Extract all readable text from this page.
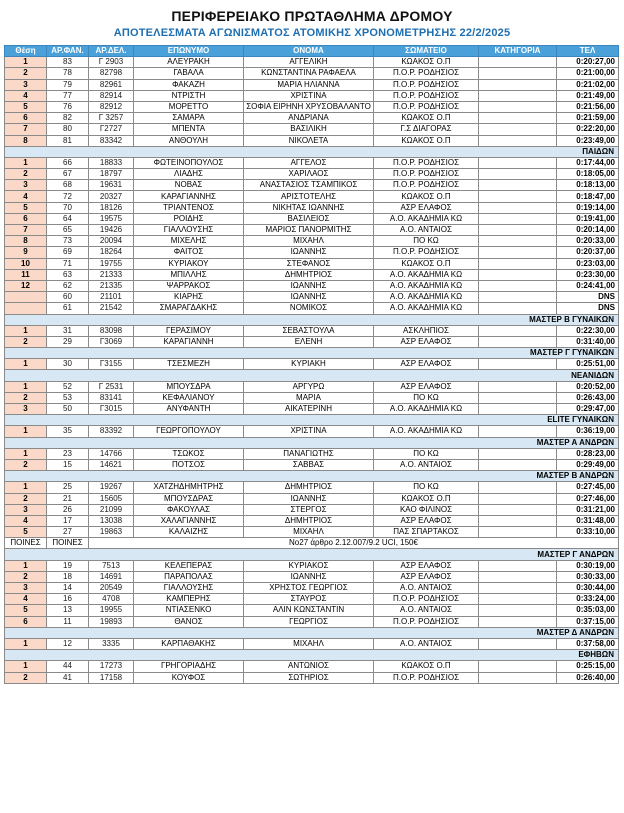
ΠΕΡΙΦΕΡΕΙΑΚΟ ΠΡΩΤΑΘΛΗΜΑ ΔΡΟΜΟΥ
ΑΠΟΤΕΛΕΣΜΑΤΑ ΑΓΩΝΙΣΜΑΤΟΣ ΑΤΟΜΙΚΗΣ ΧΡΟΝΟΜΕΤΡΗΣΗΣ 22/2/2025
Θέση	ΑΡ.ΦΑΝ.	ΑΡ.ΔΕΛ.	ΕΠΩΝΥΜΟ	ΟΝΟΜΑ	ΣΩΜΑΤΕΙΟ	ΚΑΤΗΓΟΡΙΑ	ΤΕΛ
1	83	Γ 2903	ΑΛΕΥΡΑΚΗ	ΑΓΓΕΛΙΚΗ	ΚΩΑΚΟΣ Ο.Π		0:20:27,00
2	78	82798	ΓΑΒΑΛΑ	ΚΩΝΣΤΑΝΤΙΝΑ ΡΑΦΑΕΛΑ	Π.Ο.Ρ. ΡΟΔΗΣΙΟΣ		0:21:00,00
3	79	82961	ΦΑΚΑΖΗ	ΜΑΡΙΑ ΗΛΙΑΝΝΑ	Π.Ο.Ρ. ΡΟΔΗΣΙΟΣ		0:21:02,00
4	77	82914	ΝΤΡΙΣΤΗ	ΧΡΙΣΤΙΝΑ	Π.Ο.Ρ. ΡΟΔΗΣΙΟΣ		0:21:49,00
5	76	82912	ΜΟΡΕΤΤΟ	ΣΟΦΙΑ ΕΙΡΗΝΗ ΧΡΥΣΟΒΑΛΑΝΤΟ	Π.Ο.Ρ. ΡΟΔΗΣΙΟΣ		0:21:56,00
6	82	Γ 3257	ΣΑΜΑΡΑ	ΑΝΔΡΙΑΝΑ	ΚΩΑΚΟΣ Ο.Π		0:21:59,00
7	80	Γ2727	ΜΠΕΝΤΑ	ΒΑΣΙΛΙΚΗ	Γ.Σ ΔΙΑΓΟΡΑΣ		0:22:20,00
8	81	83342	ΑΝΘΟΥΛΗ	ΝΙΚΟΛΕΤΑ	ΚΩΑΚΟΣ Ο.Π		0:23:49,00
ΠΑΙΔΩΝ							
1	66	18833	ΦΩΤΕΙΝΟΠΟΥΛΟΣ	ΑΓΓΕΛΟΣ	Π.Ο.Ρ. ΡΟΔΗΣΙΟΣ		0:17:44,00
2	67	18797	ΛΙΑΔΗΣ	ΧΑΡΙΛΑΟΣ	Π.Ο.Ρ. ΡΟΔΗΣΙΟΣ		0:18:05,00
3	68	19631	ΝΟΒΑΣ	ΑΝΑΣΤΑΣΙΟΣ ΤΣΑΜΠΙΚΟΣ	Π.Ο.Ρ. ΡΟΔΗΣΙΟΣ		0:18:13,00
4	72	20327	ΚΑΡΑΓΙΑΝΝΗΣ	ΑΡΙΣΤΟΤΕΛΗΣ	ΚΩΑΚΟΣ Ο.Π		0:18:47,00
5	70	18126	ΤΡΙΑΝΤΕΝΟΣ	ΝΙΚΗΤΑΣ ΙΩΑΝΝΗΣ	ΑΣΡ ΕΛΑΦΟΣ		0:19:14,00
6	64	19575	ΡΟΙΔΗΣ	ΒΑΣΙΛΕΙΟΣ	Α.Ο. ΑΚΑΔΗΜΙΑ ΚΩ		0:19:41,00
7	65	19426	ΓΙΑΛΛΟΥΣΗΣ	ΜΑΡΙΟΣ ΠΑΝΟΡΜΙΤΗΣ	Α.Ο. ΑΝΤΑΙΟΣ		0:20:14,00
8	73	20094	ΜΙΧΕΛΗΣ	ΜΙΧΑΗΛ	ΠΟ ΚΩ		0:20:33,00
9	69	18264	ΦΑΙΤΟΣ	ΙΩΑΝΝΗΣ	Π.Ο.Ρ. ΡΟΔΗΣΙΟΣ		0:20:37,00
10	71	19755	ΚΥΡΙΑΚΟΥ	ΣΤΕΦΑΝΟΣ	ΚΩΑΚΟΣ Ο.Π		0:23:03,00
11	63	21333	ΜΠΙΛΛΗΣ	ΔΗΜΗΤΡΙΟΣ	Α.Ο. ΑΚΑΔΗΜΙΑ ΚΩ		0:23:30,00
12	62	21335	ΨΑΡΡΑΚΟΣ	ΙΩΑΝΝΗΣ	Α.Ο. ΑΚΑΔΗΜΙΑ ΚΩ		0:24:41,00
	60	21101	ΚΙΑΡΗΣ	ΙΩΑΝΝΗΣ	Α.Ο. ΑΚΑΔΗΜΙΑ ΚΩ		DNS
	61	21542	ΣΜΑΡΑΓΔΑΚΗΣ	ΝΟΜΙΚΟΣ	Α.Ο. ΑΚΑΔΗΜΙΑ ΚΩ		DNS
ΜΑΣΤΕΡ Β ΓΥΝΑΙΚΩΝ							
1	31	83098	ΓΕΡΑΣΙΜΟΥ	ΣΕΒΑΣΤΟΥΛΑ	ΑΣΚΛΗΠΙΟΣ		0:22:30,00
2	29	Γ3069	ΚΑΡΑΓΙΑΝΝΗ	ΕΛΕΝΗ	ΑΣΡ ΕΛΑΦΟΣ		0:31:40,00
ΜΑΣΤΕΡ Γ ΓΥΝΑΙΚΩΝ							
1	30	Γ3155	ΤΣΕΣΜΕΖΗ	ΚΥΡΙΑΚΗ	ΑΣΡ ΕΛΑΦΟΣ		0:25:51,00
ΝΕΑΝΙΔΩΝ							
1	52	Γ 2531	ΜΠΟΥΣΔΡΑ	ΑΡΓΥΡΩ	ΑΣΡ ΕΛΑΦΟΣ		0:20:52,00
2	53	83141	ΚΕΦΑΛΙΑΝΟΥ	ΜΑΡΙΑ	ΠΟ ΚΩ		0:26:43,00
3	50	Γ3015	ΑΝΥΦΑΝΤΗ	ΑΙΚΑΤΕΡΙΝΗ	Α.Ο. ΑΚΑΔΗΜΙΑ ΚΩ		0:29:47,00
ELITE ΓΥΝΑΙΚΩΝ							
1	35	83392	ΓΕΩΡΓΟΠΟΥΛΟΥ	ΧΡΙΣΤΙΝΑ	Α.Ο. ΑΚΑΔΗΜΙΑ ΚΩ		0:36:19,00
ΜΑΣΤΕΡ Α ΑΝΔΡΩΝ							
1	23	14766	ΤΣΩΚΟΣ	ΠΑΝΑΓΙΩΤΗΣ	ΠΟ ΚΩ		0:28:23,00
2	15	14621	ΠΟΤΣΟΣ	ΣΑΒΒΑΣ	Α.Ο. ΑΝΤΑΙΟΣ		0:29:49,00
ΜΑΣΤΕΡ Β ΑΝΔΡΩΝ							
1	25	19267	ΧΑΤΖΗΔΗΜΗΤΡΗΣ	ΔΗΜΗΤΡΙΟΣ	ΠΟ ΚΩ		0:27:45,00
2	21	15605	ΜΠΟΥΣΔΡΑΣ	ΙΩΑΝΝΗΣ	ΚΩΑΚΟΣ Ο.Π		0:27:46,00
3	26	21099	ΦΑΚΟΥΛΑΣ	ΣΤΕΡΓΟΣ	ΚΑΟ ΦΙΛΙΝΟΣ		0:31:21,00
4	17	13038	ΧΑΛΑΓΙΑΝΝΗΣ	ΔΗΜΗΤΡΙΟΣ	ΑΣΡ ΕΛΑΦΟΣ		0:31:48,00
5	27	19863	ΚΑΛΑΙΖΗΣ	ΜΙΧΑΗΛ	ΠΑΣ ΣΠΑΡΤΑΚΟΣ		0:33:10,00
ΠΟΙΝΕΣ	ΠΟΙΝΕΣ	Νο27 άρθρο 2.12.007/9.2 UCI, 150€					
ΜΑΣΤΕΡ Γ ΑΝΔΡΩΝ							
1	19	7513	ΚΕΛΕΠΕΡΑΣ	ΚΥΡΙΑΚΟΣ	ΑΣΡ ΕΛΑΦΟΣ		0:30:19,00
2	18	14691	ΠΑΡΑΠΟΛΑΣ	ΙΩΑΝΝΗΣ	ΑΣΡ ΕΛΑΦΟΣ		0:30:33,00
3	14	20549	ΓΙΑΛΛΟΥΣΗΣ	ΧΡΗΣΤΟΣ ΓΕΩΡΓΙΟΣ	Α.Ο. ΑΝΤΑΙΟΣ		0:30:44,00
4	16	4708	ΚΑΜΠΕΡΗΣ	ΣΤΑΥΡΟΣ	Π.Ο.Ρ. ΡΟΔΗΣΙΟΣ		0:33:24,00
5	13	19955	ΝΤΙΑΣΕΝΚΟ	ΑΛΙΝ ΚΩΝΣΤΑΝΤΙΝ	Α.Ο. ΑΝΤΑΙΟΣ		0:35:03,00
6	11	19893	ΘΑΝΟΣ	ΓΕΩΡΓΙΟΣ	Π.Ο.Ρ. ΡΟΔΗΣΙΟΣ		0:37:15,00
ΜΑΣΤΕΡ Δ ΑΝΔΡΩΝ							
1	12	3335	ΚΑΡΠΑΘΑΚΗΣ	ΜΙΧΑΗΛ	Α.Ο. ΑΝΤΑΙΟΣ		0:37:58,00
ΕΦΗΒΩΝ							
1	44	17273	ΓΡΗΓΟΡΙΑΔΗΣ	ΑΝΤΩΝΙΟΣ	ΚΩΑΚΟΣ Ο.Π		0:25:15,00
2	41	17158	ΚΟΥΦΟΣ	ΣΩΤΗΡΙΟΣ	Π.Ο.Ρ. ΡΟΔΗΣΙΟΣ		0:26:40,00
